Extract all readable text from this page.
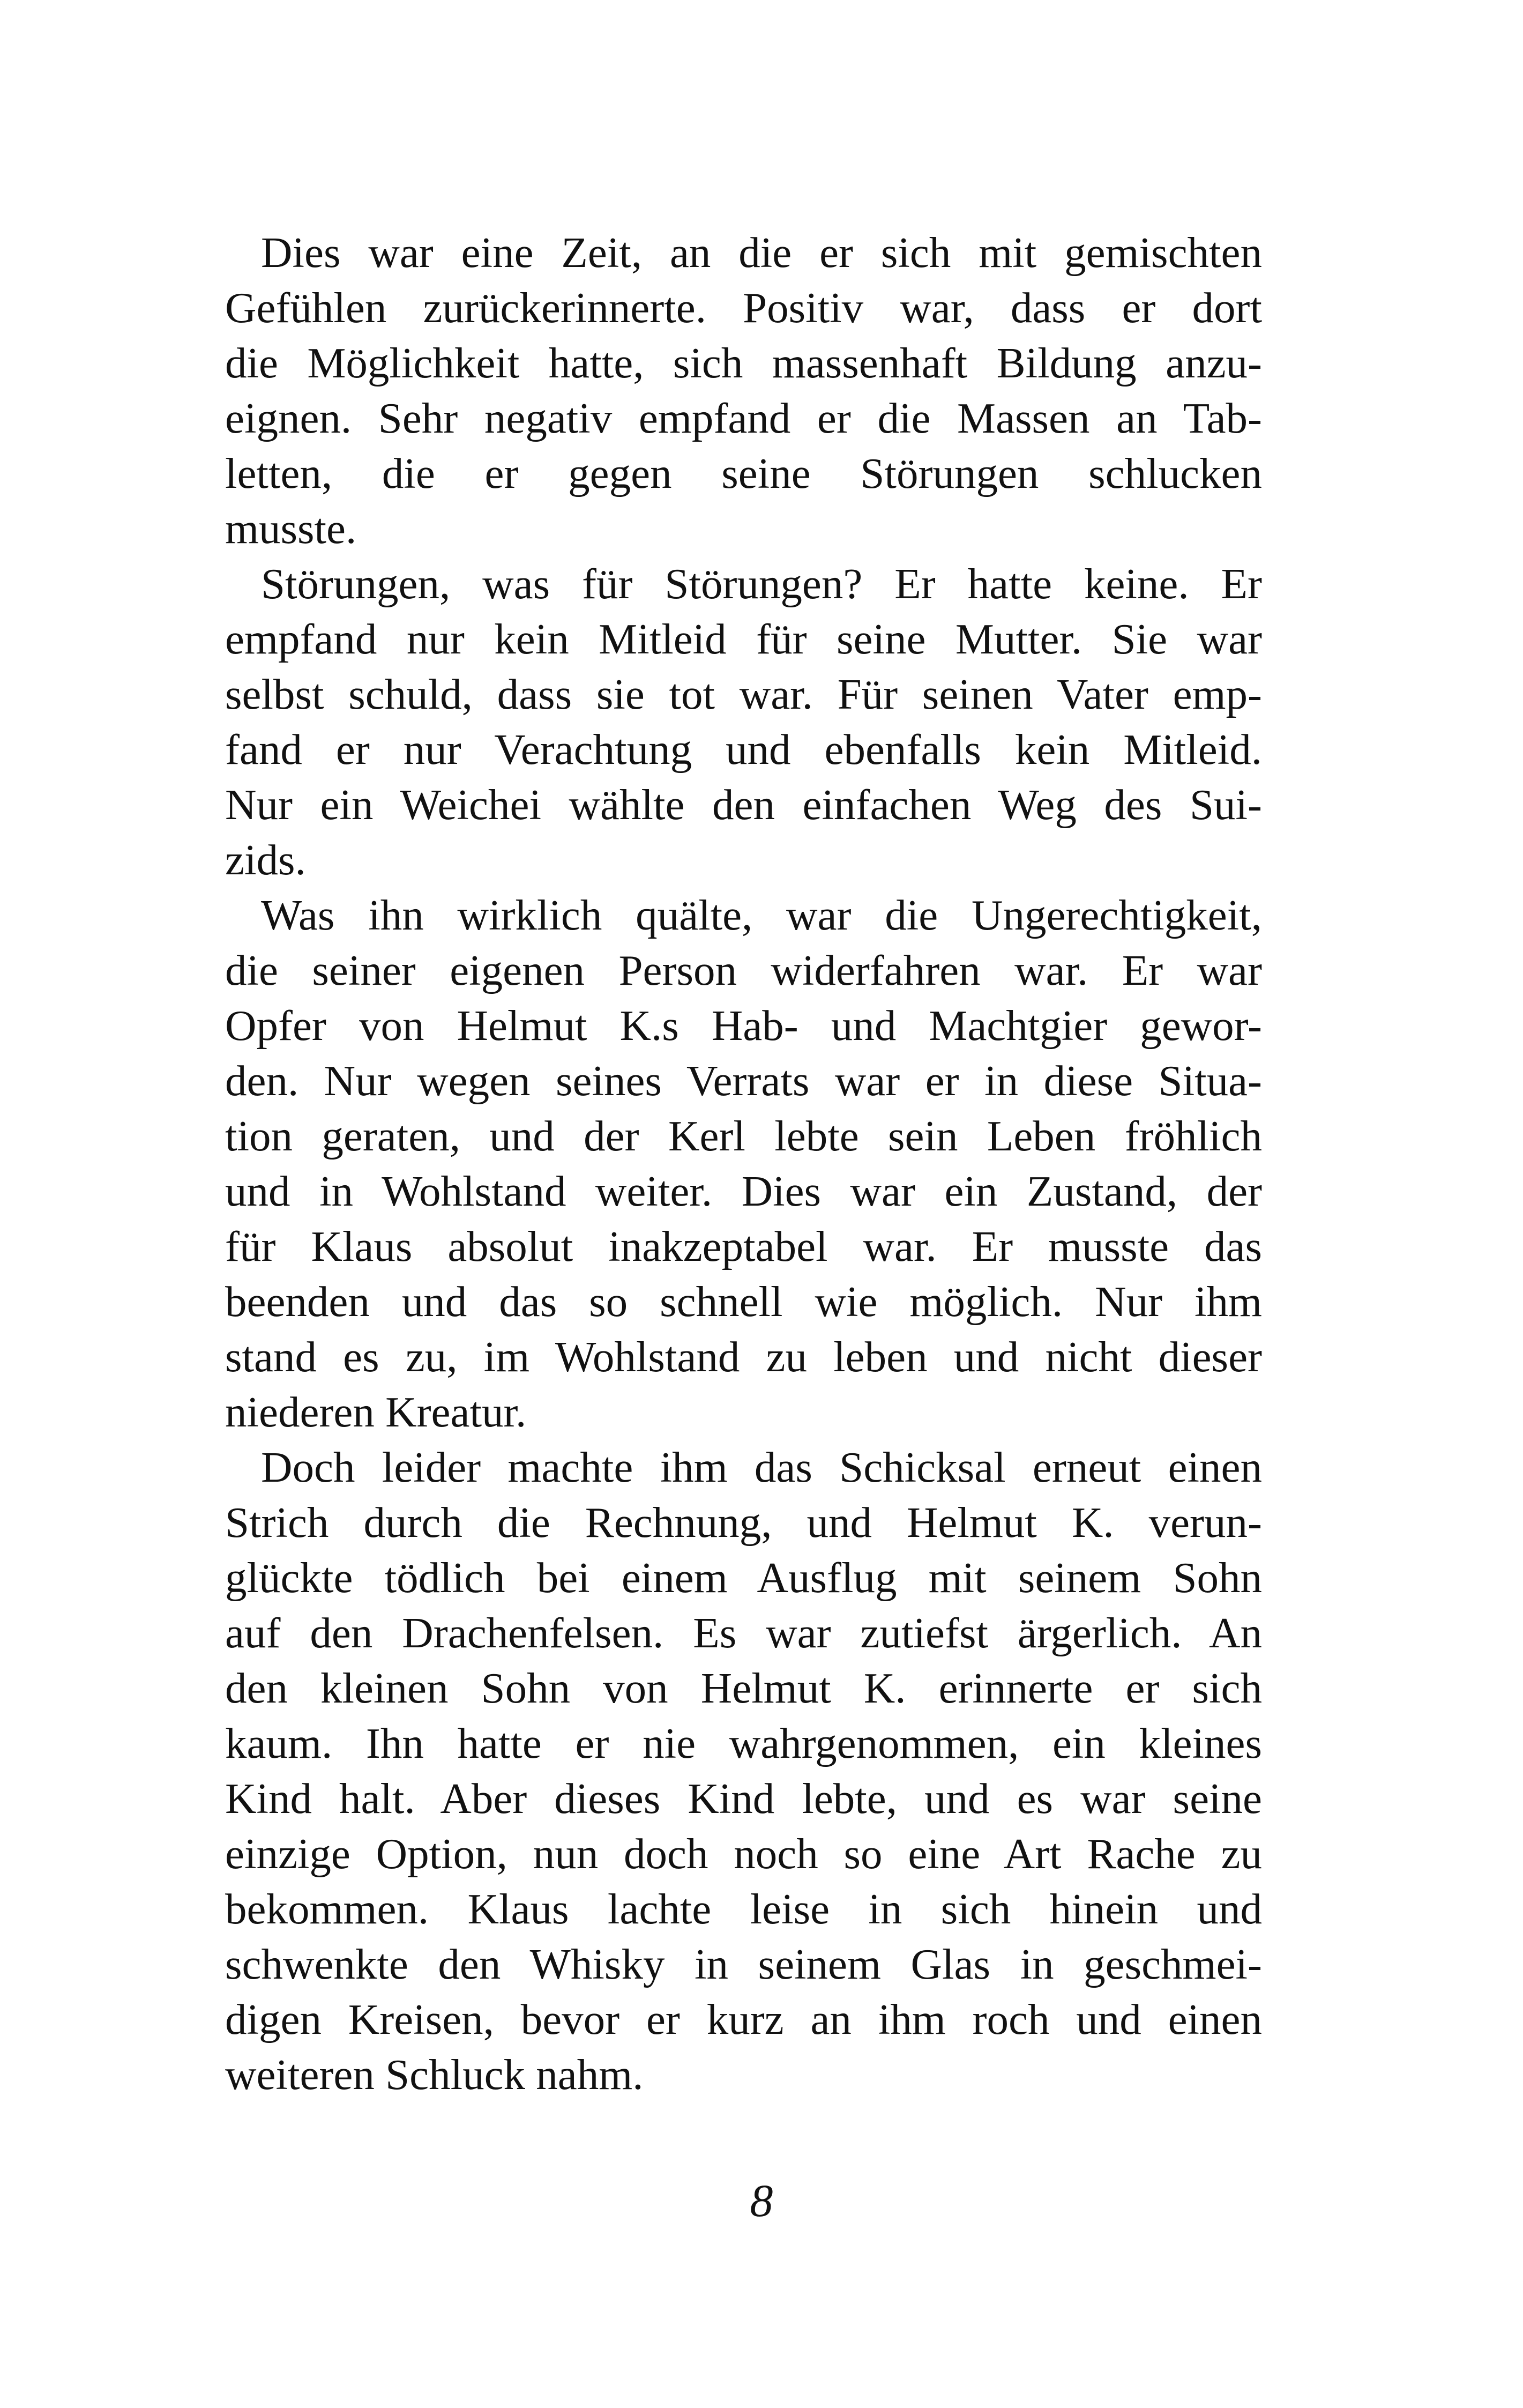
Dies war eine Zeit, an die er sich mit gemischten
Gefühlen zurückerinnerte. Positiv war, dass er dort
die Möglichkeit hatte, sich massenhaft Bildung anzu-
eignen. Sehr negativ empfand er die Massen an Tab-
letten, die er gegen seine Störungen schlucken
musste.
Störungen, was für Störungen? Er hatte keine. Er
empfand nur kein Mitleid für seine Mutter. Sie war
selbst schuld, dass sie tot war. Für seinen Vater emp-
fand er nur Verachtung und ebenfalls kein Mitleid.
Nur ein Weichei wählte den einfachen Weg des Sui-
zids.
Was ihn wirklich quälte, war die Ungerechtigkeit,
die seiner eigenen Person widerfahren war. Er war
Opfer von Helmut K.s Hab- und Machtgier gewor-
den. Nur wegen seines Verrats war er in diese Situa-
tion geraten, und der Kerl lebte sein Leben fröhlich
und in Wohlstand weiter. Dies war ein Zustand, der
für Klaus absolut inakzeptabel war. Er musste das
beenden und das so schnell wie möglich. Nur ihm
stand es zu, im Wohlstand zu leben und nicht dieser
niederen Kreatur.
Doch leider machte ihm das Schicksal erneut einen
Strich durch die Rechnung, und Helmut K. verun-
glückte tödlich bei einem Ausflug mit seinem Sohn
auf den Drachenfelsen. Es war zutiefst ärgerlich. An
den kleinen Sohn von Helmut K. erinnerte er sich
kaum. Ihn hatte er nie wahrgenommen, ein kleines
Kind halt. Aber dieses Kind lebte, und es war seine
einzige Option, nun doch noch so eine Art Rache zu
bekommen. Klaus lachte leise in sich hinein und
schwenkte den Whisky in seinem Glas in geschmei-
digen Kreisen, bevor er kurz an ihm roch und einen
weiteren Schluck nahm.
8
